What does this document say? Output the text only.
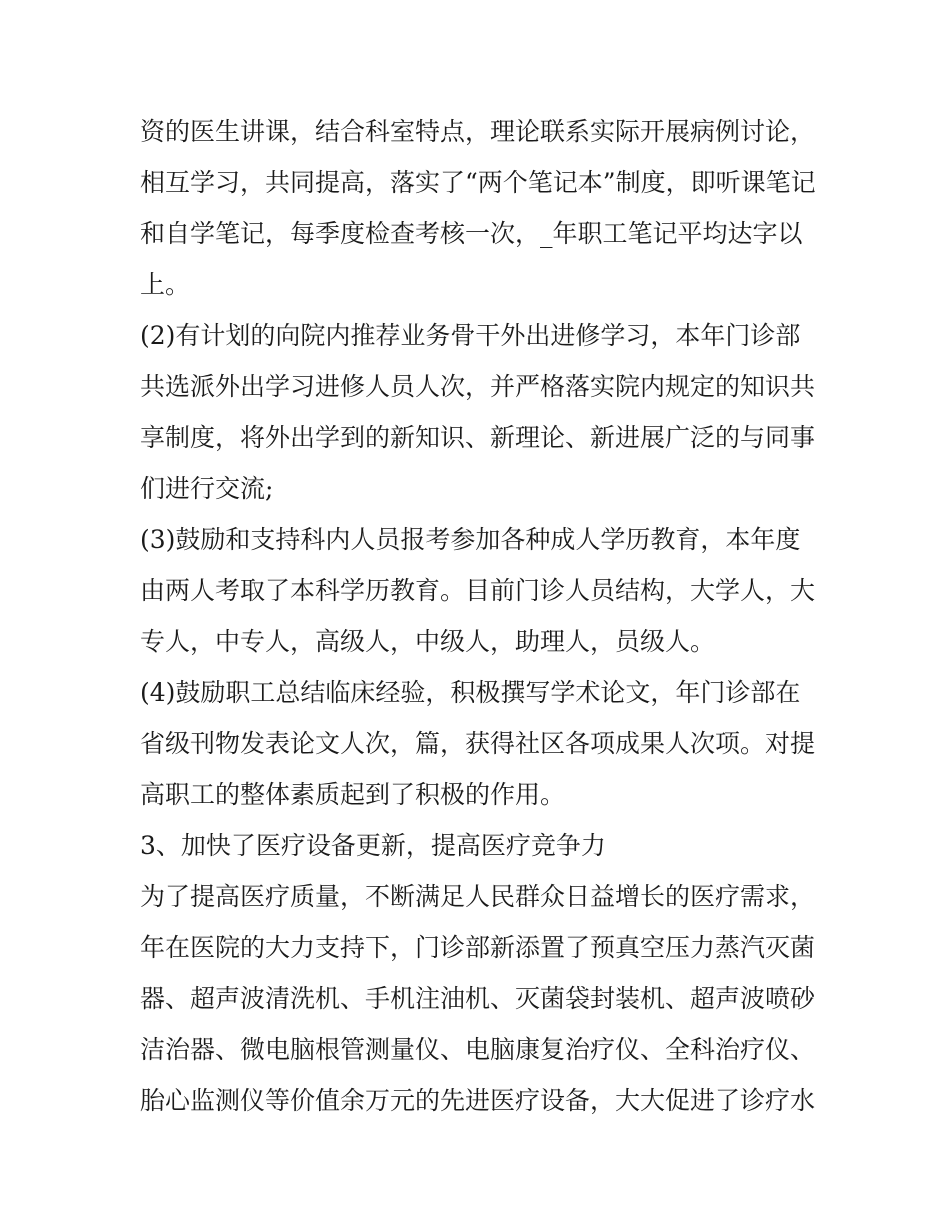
资的医生讲课，结合科室特点，理论联系实际开展病例讨论，
相互学习，共同提高，落实了“两个笔记本”制度，即听课笔记
和自学笔记，每季度检查考核一次，_年职工笔记平均达字以
上。
(2)有计划的向院内推荐业务骨干外出进修学习，本年门诊部
共选派外出学习进修人员人次，并严格落实院内规定的知识共
享制度，将外出学到的新知识、新理论、新进展广泛的与同事
们进行交流;
(3)鼓励和支持科内人员报考参加各种成人学历教育，本年度
由两人考取了本科学历教育。目前门诊人员结构，大学人，大
专人，中专人，高级人，中级人，助理人，员级人。
(4)鼓励职工总结临床经验，积极撰写学术论文，年门诊部在
省级刊物发表论文人次，篇，获得社区各项成果人次项。对提
高职工的整体素质起到了积极的作用。
3、加快了医疗设备更新，提高医疗竞争力
为了提高医疗质量，不断满足人民群众日益增长的医疗需求，
年在医院的大力支持下，门诊部新添置了预真空压力蒸汽灭菌
器、超声波清洗机、手机注油机、灭菌袋封装机、超声波喷砂
洁治器、微电脑根管测量仪、电脑康复治疗仪、全科治疗仪、
胎心监测仪等价值余万元的先进医疗设备，大大促进了诊疗水
